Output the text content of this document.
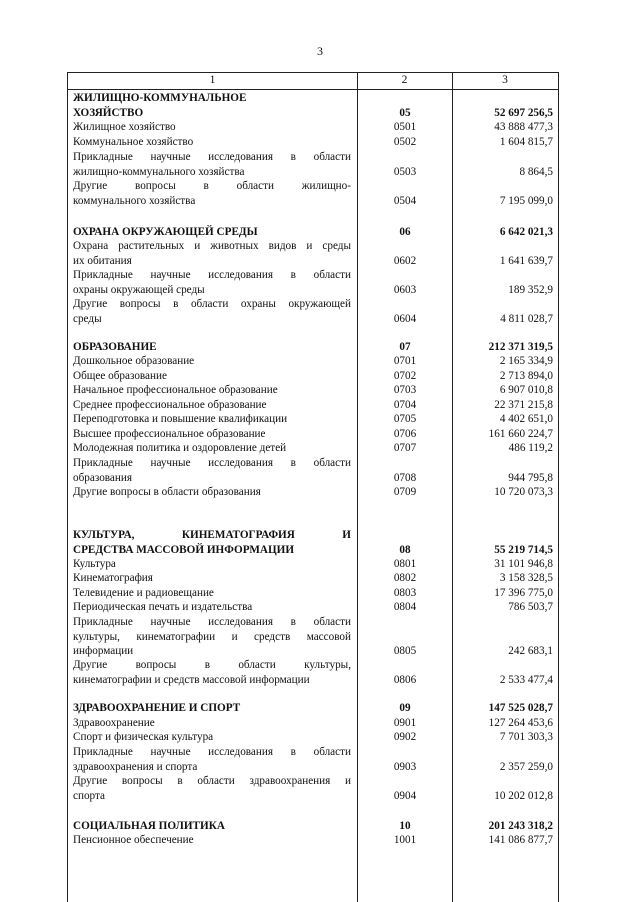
3
1	2	3
ЖИЛИЩНО-КОММУНАЛЬНОЕ
ХОЗЯЙСТВО	05	52 697 256,5
Жилищное хозяйство	0501	43 888 477,3
Коммунальное хозяйство	0502	1 604 815,7
Прикладные научные исследования в области
жилищно-коммунального хозяйства	0503	8 864,5
Другие вопросы в области жилищно-
коммунального хозяйства	0504	7 195 099,0
ОХРАНА ОКРУЖАЮЩЕЙ СРЕДЫ	06	6 642 021,3
Охрана растительных и животных видов и среды
их обитания	0602	1 641 639,7
Прикладные научные исследования в области
охраны окружающей среды	0603	189 352,9
Другие вопросы в области охраны окружающей
среды	0604	4 811 028,7
ОБРАЗОВАНИЕ	07	212 371 319,5
Дошкольное образование	0701	2 165 334,9
Общее образование	0702	2 713 894,0
Начальное профессиональное образование	0703	6 907 010,8
Среднее профессиональное образование	0704	22 371 215,8
Переподготовка и повышение квалификации	0705	4 402 651,0
Высшее профессиональное образование	0706	161 660 224,7
Молодежная политика и оздоровление детей	0707	486 119,2
Прикладные научные исследования в области
образования	0708	944 795,8
Другие вопросы в области образования	0709	10 720 073,3
КУЛЬТУРА, КИНЕМАТОГРАФИЯ И
СРЕДСТВА МАССОВОЙ ИНФОРМАЦИИ	08	55 219 714,5
Культура	0801	31 101 946,8
Кинематография	0802	3 158 328,5
Телевидение и радиовещание	0803	17 396 775,0
Периодическая печать и издательства	0804	786 503,7
Прикладные научные исследования в области
культуры, кинематографии и средств массовой
информации	0805	242 683,1
Другие вопросы в области культуры,
кинематографии и средств массовой информации	0806	2 533 477,4
ЗДРАВООХРАНЕНИЕ И СПОРТ	09	147 525 028,7
Здравоохранение	0901	127 264 453,6
Спорт и физическая культура	0902	7 701 303,3
Прикладные научные исследования в области
здравоохранения и спорта	0903	2 357 259,0
Другие вопросы в области здравоохранения и
спорта	0904	10 202 012,8
СОЦИАЛЬНАЯ ПОЛИТИКА	10	201 243 318,2
Пенсионное обеспечение	1001	141 086 877,7
